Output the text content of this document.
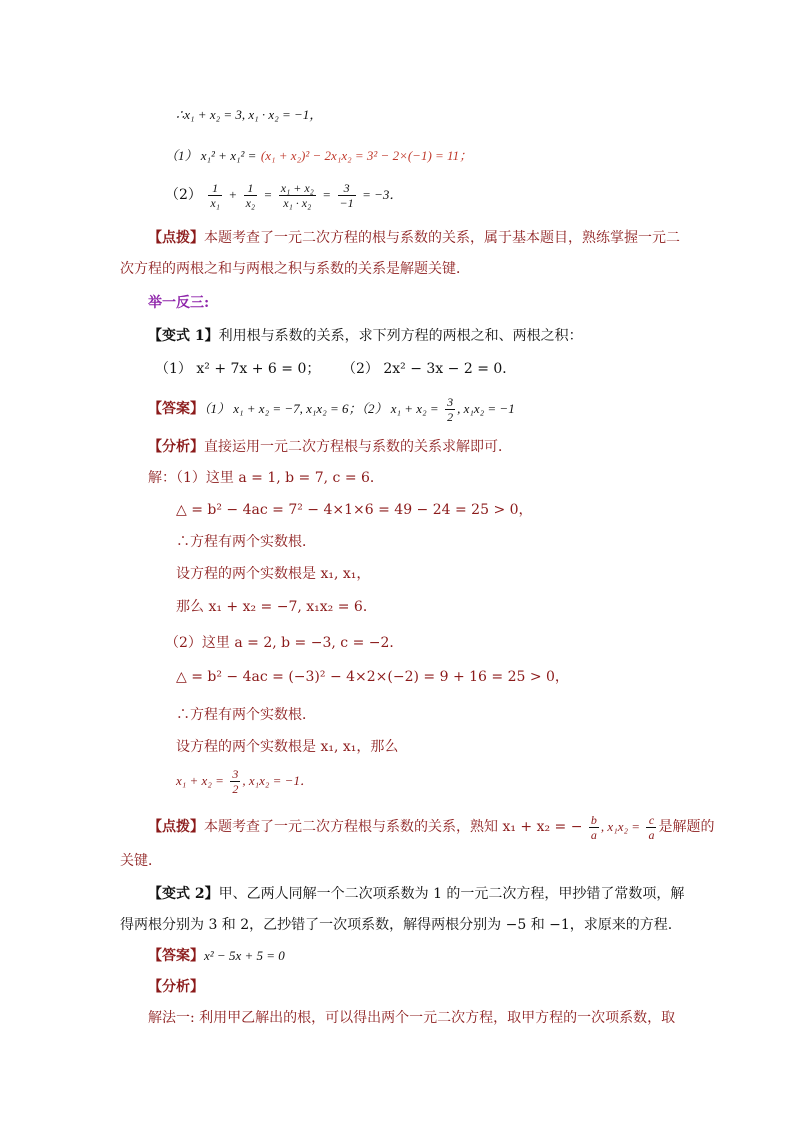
∴x₁ + x₂ = 3, x₁ · x₂ = −1，
（1） x₁² + x₁² = (x₁ + x₂)² − 2x₁x₂ = 3² − 2×(−1) = 11；
$(2) \frac{1}{\text{x₁}} + \frac{1}{\text{x₂}} = \frac{\text{x₁ + x₂}}{\text{x₁ · x₂}} = \frac{3}{-1} = -3$．
【点拨】本题考查了一元二次方程的根与系数的关系，属于基本题目，熟练掌握一元二
次方程的两根之和与两根之积与系数的关系是解题关键．
举一反三:
【变式 1】利用根与系数的关系，求下列方程的两根之和、两根之积：
（1） x² + 7x + 6 = 0； （2） 2x² − 3x − 2 = 0．
【答案】（1） x₁ + x₂ = −7, x₁x₂ = 6；（2） $x_1 + x_2 = \frac{3}{2}$ , x₁x₂ = −1
【分析】直接运用一元二次方程根与系数的关系求解即可．
解：（1）这里 a = 1, b = 7, c = 6．
△ = b² − 4ac = 7² − 4×1×6 = 49 − 24 = 25 > 0，
∴方程有两个实数根．
设方程的两个实数根是 x₁, x₁，
那么 x₁ + x₂ = −7, x₁x₂ = 6．
（2）这里 a = 2, b = −3, c = −2．
△ = b² − 4ac = (−3)² − 4×2×(−2) = 9 + 16 = 25 > 0，
∴方程有两个实数根．
设方程的两个实数根是 x₁, x₁，那么
$x_1 + x_2 = \frac{3}{2}$ , x₁x₂ = −1．
【点拨】本题考查了一元二次方程根与系数的关系，熟知 x₁ + x₂ = − $\frac{b}{a}$ , $x_1x_2 = \frac{c}{a}$ 是解题的
关键．
【变式 2】甲、乙两人同解一个二次项系数为 1 的一元二次方程，甲抄错了常数项，解
得两根分别为 3 和 2，乙抄错了一次项系数，解得两根分别为 −5 和 −1，求原来的方程.
【答案】x² − 5x + 5 = 0
【分析】
解法一: 利用甲乙解出的根，可以得出两个一元二次方程，取甲方程的一次项系数，取
